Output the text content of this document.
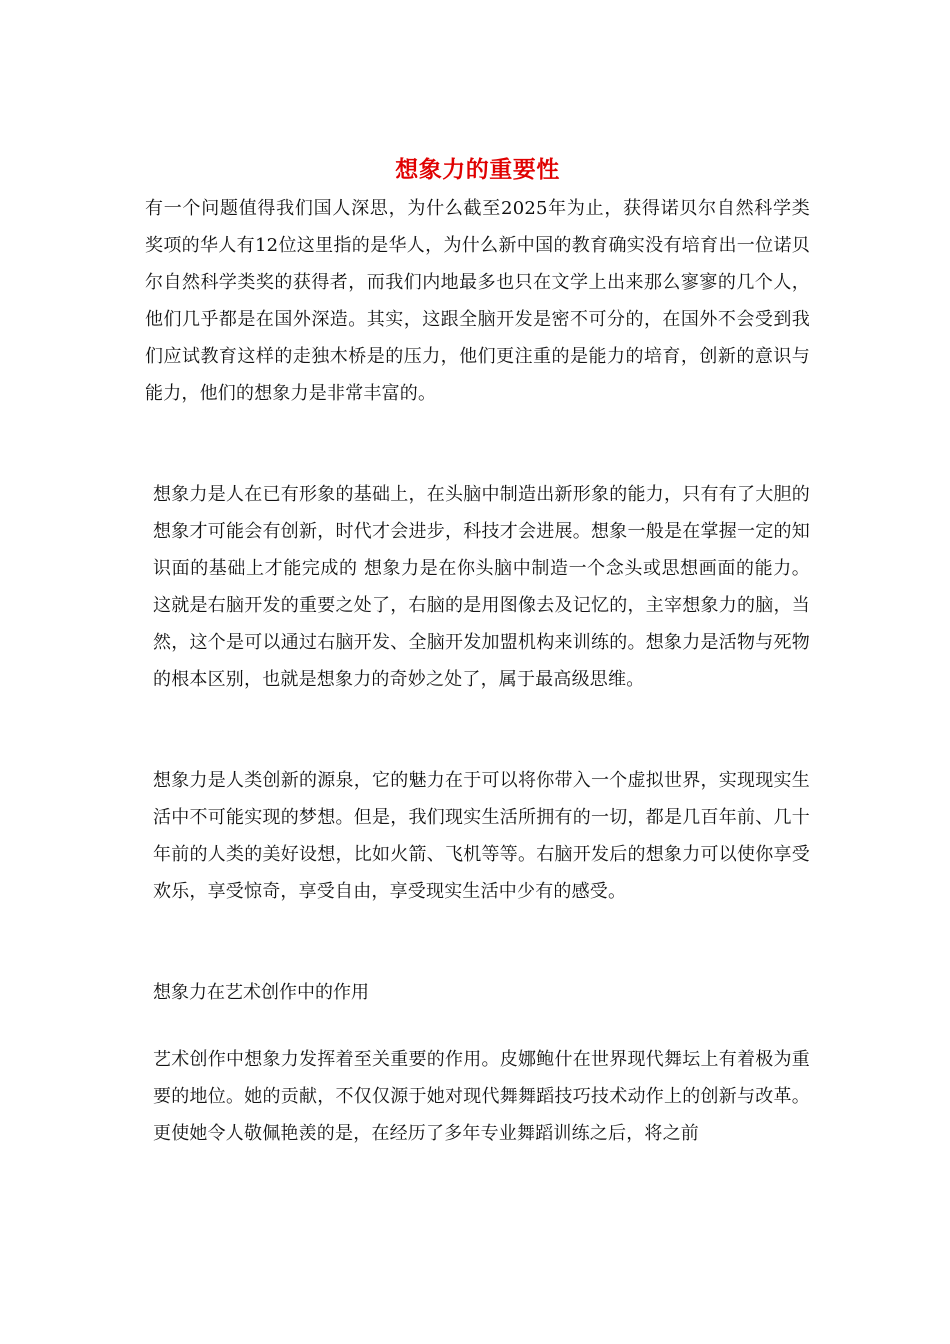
想象力的重要性

有一个问题值得我们国人深思，为什么截至2025年为止，获得诺贝尔自然科学类奖项的华人有12位这里指的是华人，为什么新中国的教育确实没有培育出一位诺贝尔自然科学类奖的获得者，而我们内地最多也只在文学上出来那么寥寥的几个人，他们几乎都是在国外深造。其实，这跟全脑开发是密不可分的，在国外不会受到我们应试教育这样的走独木桥是的压力，他们更注重的是能力的培育，创新的意识与能力，他们的想象力是非常丰富的。

想象力是人在已有形象的基础上，在头脑中制造出新形象的能力，只有有了大胆的想象才可能会有创新，时代才会进步，科技才会进展。想象一般是在掌握一定的知识面的基础上才能完成的 想象力是在你头脑中制造一个念头或思想画面的能力。这就是右脑开发的重要之处了，右脑的是用图像去及记忆的，主宰想象力的脑，当然，这个是可以通过右脑开发、全脑开发加盟机构来训练的。想象力是活物与死物的根本区别，也就是想象力的奇妙之处了，属于最高级思维。

想象力是人类创新的源泉，它的魅力在于可以将你带入一个虚拟世界，实现现实生活中不可能实现的梦想。但是，我们现实生活所拥有的一切，都是几百年前、几十年前的人类的美好设想，比如火箭、飞机等等。右脑开发后的想象力可以使你享受欢乐，享受惊奇，享受自由，享受现实生活中少有的感受。

想象力在艺术创作中的作用

艺术创作中想象力发挥着至关重要的作用。皮娜鲍什在世界现代舞坛上有着极为重要的地位。她的贡献，不仅仅源于她对现代舞舞蹈技巧技术动作上的创新与改革。更使她令人敬佩艳羡的是，在经历了多年专业舞蹈训练之后，将之前
